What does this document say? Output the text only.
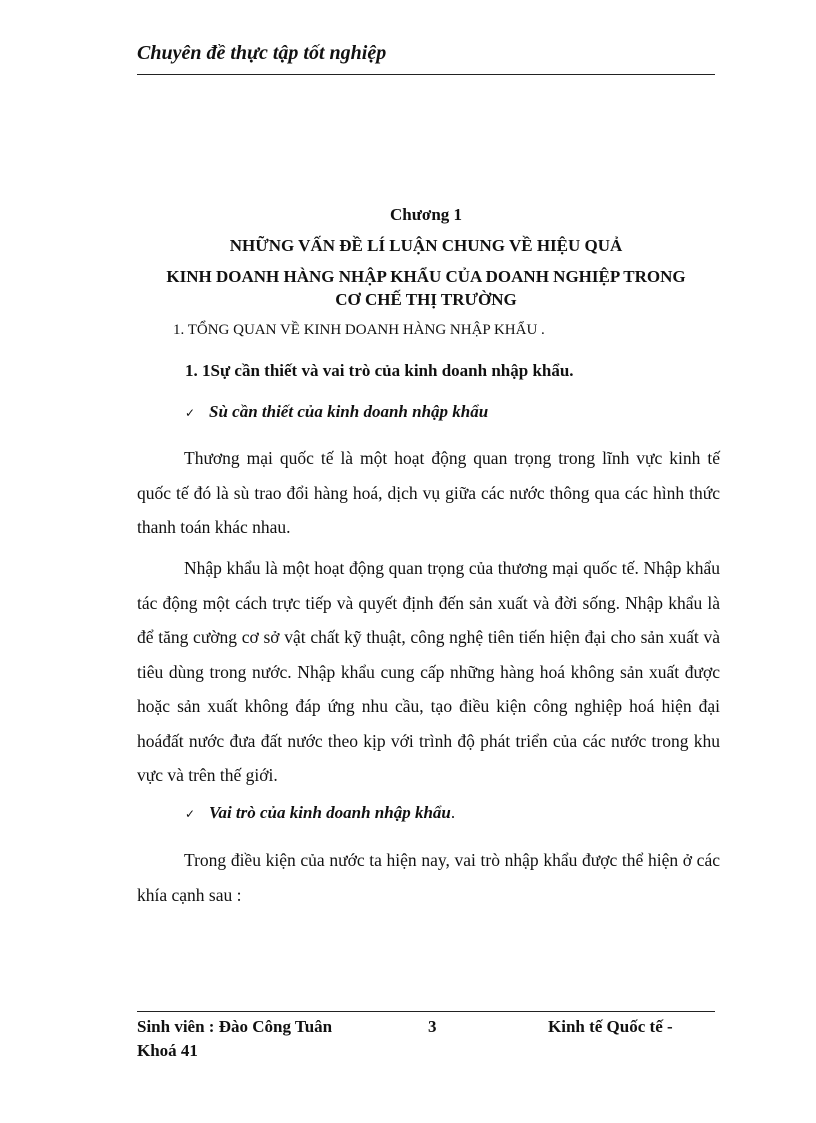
Chuyên đề thực tập tốt nghiệp
Chương 1
NHỮNG VẤN ĐỀ LÍ LUẬN CHUNG VỀ HIỆU QUẢ
KINH DOANH HÀNG NHẬP KHẨU CỦA DOANH NGHIỆP TRONG
CƠ CHẾ THỊ TRƯỜNG
1. TỔNG QUAN VỀ KINH DOANH HÀNG NHẬP KHẨU .
1. 1Sự cần thiết và vai trò của kinh doanh nhập khẩu.
✓ Sù cần thiết của kinh doanh nhập khẩu
Thương mại quốc tế là một hoạt động quan trọng trong lĩnh vực kinh tế quốc tế đó là sù trao đổi hàng hoá, dịch vụ giữa các nước thông qua các hình thức thanh toán khác nhau.
Nhập khẩu là một hoạt động quan trọng của thương mại quốc tế. Nhập khẩu tác động một cách trực tiếp và quyết định đến sản xuất và đời sống. Nhập khẩu là để tăng cường cơ sở vật chất kỹ thuật, công nghệ tiên tiến hiện đại cho sản xuất và tiêu dùng trong nước. Nhập khẩu cung cấp những hàng hoá không sản xuất được hoặc sản xuất không đáp ứng nhu cầu, tạo điều kiện công nghiệp hoá hiện đại hoáđất nước đưa đất nước theo kịp với trình độ phát triển của các nước trong khu vực và trên thế giới.
✓ Vai trò của kinh doanh nhập khẩu.
Trong điều kiện của nước ta hiện nay, vai trò nhập khẩu được thể hiện ở các khía cạnh sau :
Sinh viên : Đào Công Tuân	3	Kinh tế Quốc tế -
Khoá 41
